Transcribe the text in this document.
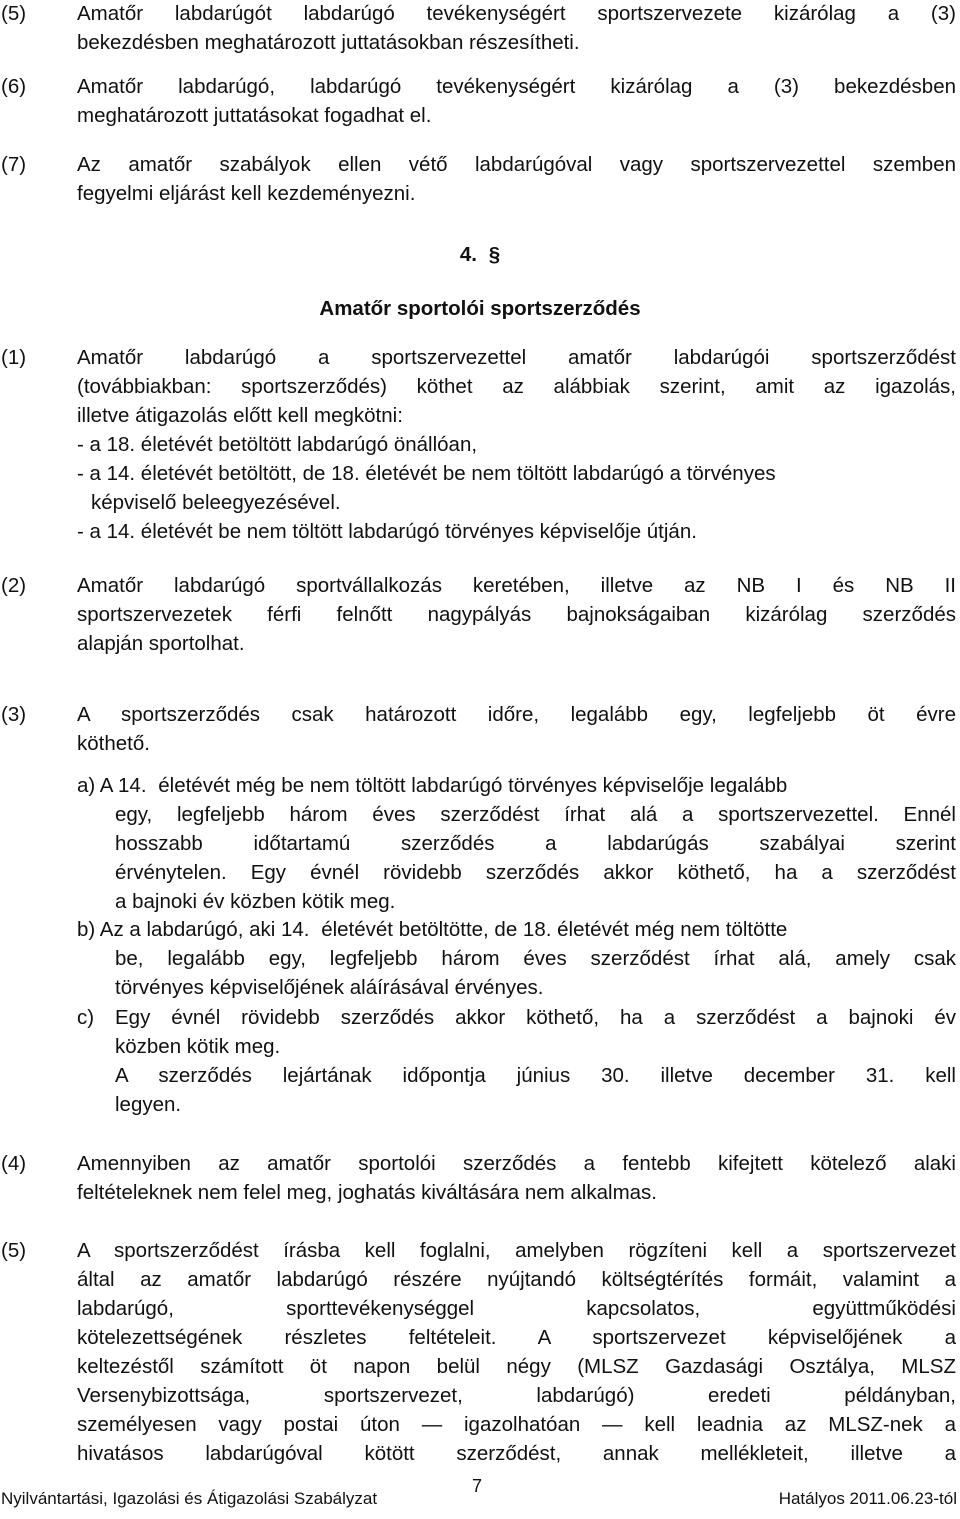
(5) Amatőr labdarúgót labdarúgó tevékenységért sportszervezete kizárólag a (3)
bekezdésben meghatározott juttatásokban részesítheti.
(6) Amatőr labdarúgó, labdarúgó tevékenységért kizárólag a (3) bekezdésben
meghatározott juttatásokat fogadhat el.
(7) Az amatőr szabályok ellen vétő labdarúgóval vagy sportszervezettel szemben
fegyelmi eljárást kell kezdeményezni.
4. §
Amatőr sportolói sportszerződés
(1) Amatőr labdarúgó a sportszervezettel amatőr labdarúgói sportszerződést
(továbbiakban: sportszerződés) köthet az alábbiak szerint, amit az igazolás,
illetve átigazolás előtt kell megkötni:
- a 18. életévét betöltött labdarúgó önállóan,
- a 14. életévét betöltött, de 18. életévét be nem töltött labdarúgó a törvényes
képviselő beleegyezésével.
- a 14. életévét be nem töltött labdarúgó törvényes képviselője útján.
(2) Amatőr labdarúgó sportvállalkozás keretében, illetve az NB I és NB II
sportszervezetek férfi felnőtt nagypályás bajnokságaiban kizárólag szerződés
alapján sportolhat.
(3) A sportszerződés csak határozott időre, legalább egy, legfeljebb öt évre
köthető.
a) A 14. életévét még be nem töltött labdarúgó törvényes képviselője legalább
egy, legfeljebb három éves szerződést írhat alá a sportszervezettel. Ennél
hosszabb időtartamú szerződés a labdarúgás szabályai szerint
érvénytelen. Egy évnél rövidebb szerződés akkor köthető, ha a szerződést
a bajnoki év közben kötik meg.
b) Az a labdarúgó, aki 14. életévét betöltötte, de 18. életévét még nem töltötte
be, legalább egy, legfeljebb három éves szerződést írhat alá, amely csak
törvényes képviselőjének aláírásával érvényes.
c) Egy évnél rövidebb szerződés akkor köthető, ha a szerződést a bajnoki év
közben kötik meg.
A szerződés lejártának időpontja június 30. illetve december 31. kell
legyen.
(4) Amennyiben az amatőr sportolói szerződés a fentebb kifejtett kötelező alaki
feltételeknek nem felel meg, joghatás kiváltására nem alkalmas.
(5) A sportszerződést írásba kell foglalni, amelyben rögzíteni kell a sportszervezet
által az amatőr labdarúgó részére nyújtandó költségtérítés formáit, valamint a
labdarúgó, sporttevékenységgel kapcsolatos, együttműködési
kötelezettségének részletes feltételeit. A sportszervezet képviselőjének a
keltezéstől számított öt napon belül négy (MLSZ Gazdasági Osztálya, MLSZ
Versenybizottsága, sportszervezet, labdarúgó) eredeti példányban,
személyesen vagy postai úton — igazolhatóan — kell leadnia az MLSZ-nek a
hivatásos labdarúgóval kötött szerződést, annak mellékleteit, illetve a
Nyilvántartási, Igazolási és Átigazolási Szabályzat
7
Hatályos 2011.06.23-tól
